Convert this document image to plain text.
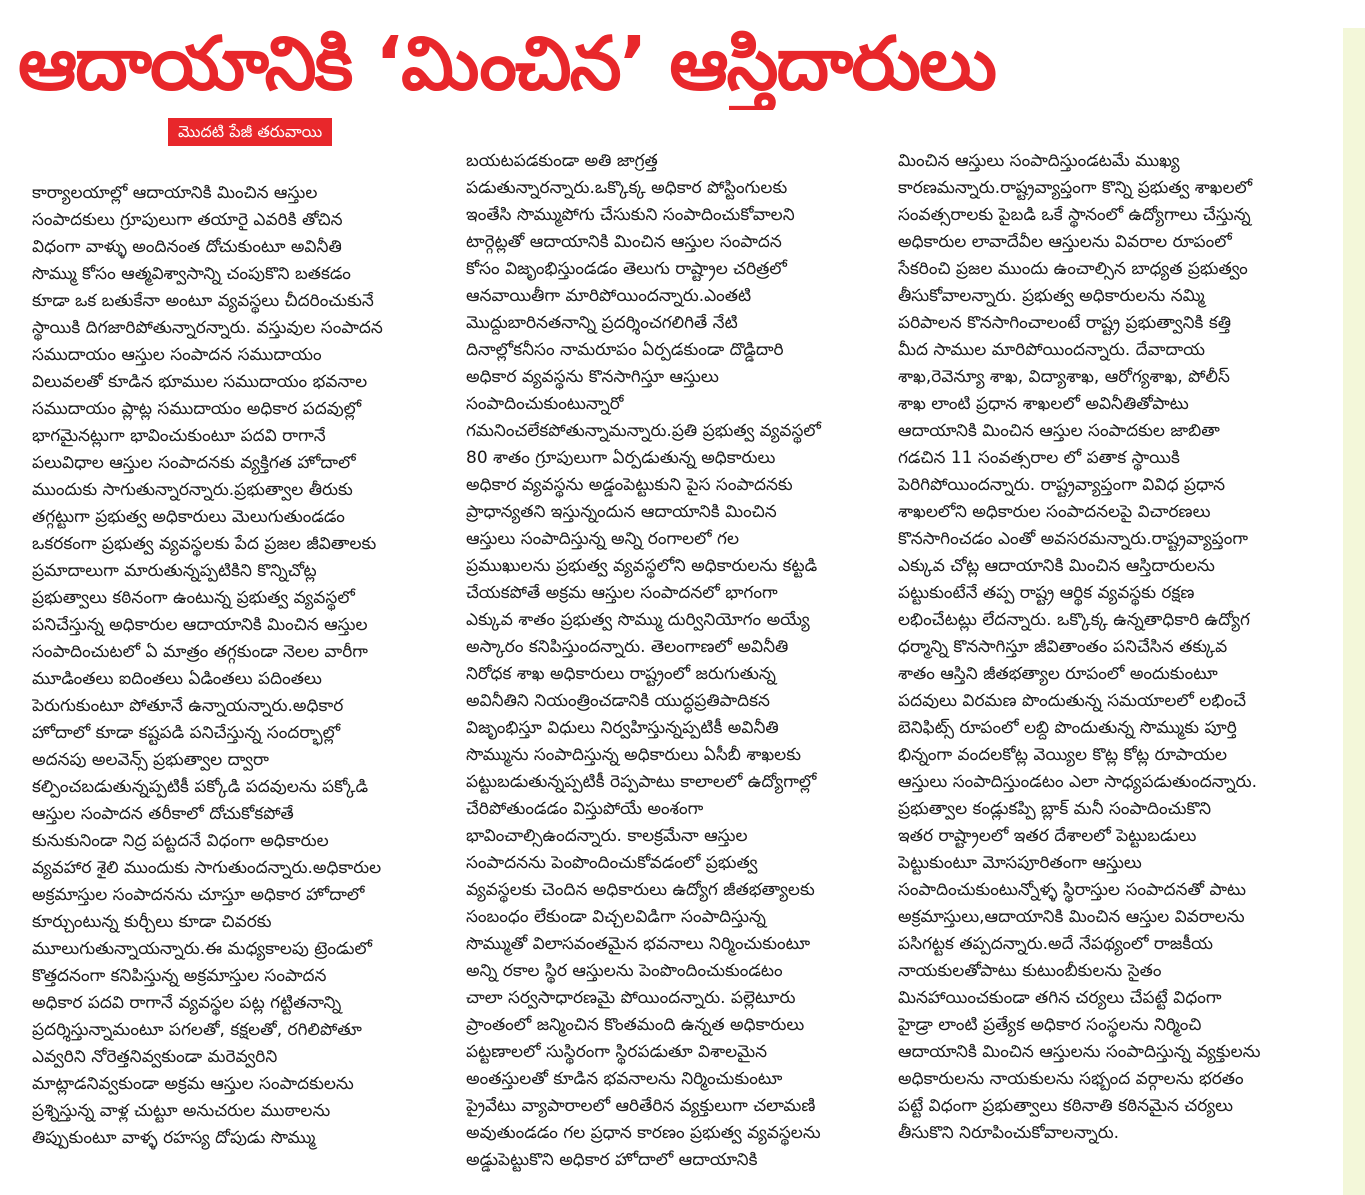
ఆదాయానికి ‘మించిన’ ఆస్తిదారులు
మొదటి పేజీ తరువాయి
కార్యాలయాల్లో ఆదాయానికి మించిన ఆస్తుల
సంపాదకులు గ్రూపులుగా తయారై ఎవరికి తోచిన
విధంగా వాళ్ళు అందినంత దోచుకుంటూ అవినీతి
సొమ్ము కోసం ఆత్మవిశ్వాసాన్ని చంపుకొని బతకడం
కూడా ఒక బతుకేనా అంటూ వ్యవస్థలు చీదరించుకునే
స్థాయికి దిగజారిపోతున్నారన్నారు. వస్తువుల సంపాదన
సముదాయం ఆస్తుల సంపాదన సముదాయం
విలువలతో కూడిన భూముల సముదాయం భవనాల
సముదాయం ప్లాట్ల సముదాయం అధికార పదవుల్లో
భాగమైనట్లుగా భావించుకుంటూ పదవి రాగానే
పలువిధాల ఆస్తుల సంపాదనకు వ్యక్తిగత హోదాలో
ముందుకు సాగుతున్నారన్నారు.ప్రభుత్వాల తీరుకు
తగ్గట్టుగా ప్రభుత్వ అధికారులు మెలుగుతుండడం
ఒకరకంగా ప్రభుత్వ వ్యవస్థలకు పేద ప్రజల జీవితాలకు
ప్రమాదాలుగా మారుతున్నప్పటికిని కొన్నిచోట్ల
ప్రభుత్వాలు కఠినంగా ఉంటున్న ప్రభుత్వ వ్యవస్థలో
పనిచేస్తున్న అధికారుల ఆదాయానికి మించిన ఆస్తుల
సంపాదించుటలో ఏ మాత్రం తగ్గకుండా నెలల వారీగా
మూడింతలు ఐదింతలు ఏడింతలు పదింతలు
పెరుగుకుంటూ పోతూనే ఉన్నాయన్నారు.అధికార
హోదాలో కూడా కష్టపడి పనిచేస్తున్న సందర్భాల్లో
అదనపు అలవెన్స్ ప్రభుత్వాల ద్వారా
కల్పించబడుతున్నప్పటికీ పక్కోడి పదవులను పక్కోడి
ఆస్తుల సంపాదన తరీకాలో దోచుకోకపోతే
కునుకునిండా నిద్ర పట్టదనే విధంగా అధికారుల
వ్యవహార శైలి ముందుకు సాగుతుందన్నారు.అధికారుల
అక్రమాస్తుల సంపాదనను చూస్తూ అధికార హోదాలో
కూర్చుంటున్న కుర్చీలు కూడా చివరకు
మూలుగుతున్నాయన్నారు.ఈ మధ్యకాలపు ట్రెండులో
కొత్తదనంగా కనిపిస్తున్న అక్రమాస్తుల సంపాదన
అధికార పదవి రాగానే వ్యవస్థల పట్ల గట్టితనాన్ని
ప్రదర్శిస్తున్నామంటూ పగలతో, కక్షలతో, రగిలిపోతూ
ఎవ్వరిని నోరెత్తనివ్వకుండా మరెవ్వరిని
మాట్లాడనివ్వకుండా అక్రమ ఆస్తుల సంపాదకులను
ప్రశ్నిస్తున్న వాళ్ల చుట్టూ అనుచరుల ముఠాలను
తిప్పుకుంటూ వాళ్ళ రహస్య దోపుడు సొమ్ము
బయటపడకుండా అతి జాగ్రత్త
పడుతున్నారన్నారు.ఒక్కొక్క అధికార పోస్టింగులకు
ఇంతేసి సొమ్ముపోగు చేసుకుని సంపాదించుకోవాలని
టార్గెట్లతో ఆదాయానికి మించిన ఆస్తుల సంపాదన
కోసం విజృంభిస్తుండడం తెలుగు రాష్ట్రాల చరిత్రలో
ఆనవాయితీగా మారిపోయిందన్నారు.ఎంతటి
మొద్దుబారినతనాన్ని ప్రదర్శించగలిగితే నేటి
దినాల్లోకనీసం నామరూపం ఏర్పడకుండా దొడ్డిదారి
అధికార వ్యవస్థను కొనసాగిస్తూ ఆస్తులు
సంపాదించుకుంటున్నారో
గమనించలేకపోతున్నామన్నారు.ప్రతి ప్రభుత్వ వ్యవస్థలో
80 శాతం గ్రూపులుగా ఏర్పడుతున్న అధికారులు
అధికార వ్యవస్థను అడ్డంపెట్టుకుని పైస సంపాదనకు
ప్రాధాన్యతని ఇస్తున్నందున ఆదాయానికి మించిన
ఆస్తులు సంపాదిస్తున్న అన్ని రంగాలలో గల
ప్రముఖులను ప్రభుత్వ వ్యవస్థలోని అధికారులను కట్టడి
చేయకపోతే అక్రమ ఆస్తుల సంపాదనలో భాగంగా
ఎక్కువ శాతం ప్రభుత్వ సొమ్ము దుర్వినియోగం అయ్యే
అస్కారం కనిపిస్తుందన్నారు. తెలంగాణలో అవినీతి
నిరోధక శాఖ అధికారులు రాష్ట్రంలో జరుగుతున్న
అవినీతిని నియంత్రించడానికి యుద్ధప్రతిపాదికన
విజృంభిస్తూ విధులు నిర్వహిస్తున్నప్పటికీ అవినీతి
సొమ్మును సంపాదిస్తున్న అధికారులు ఏసీబీ శాఖలకు
పట్టుబడుతున్నప్పటికీ రెప్పపాటు కాలాలలో ఉద్యోగాల్లో
చేరిపోతుండడం విస్తుపోయే అంశంగా
భావించాల్సిఉందన్నారు. కాలక్రమేనా ఆస్తుల
సంపాదనను పెంపొందించుకోవడంలో ప్రభుత్వ
వ్యవస్థలకు చెందిన అధికారులు ఉద్యోగ జీతభత్యాలకు
సంబంధం లేకుండా విచ్చలవిడిగా సంపాదిస్తున్న
సొమ్ముతో విలాసవంతమైన భవనాలు నిర్మించుకుంటూ
అన్ని రకాల స్థిర ఆస్తులను పెంపొందించుకుండటం
చాలా సర్వసాధారణమై పోయిందన్నారు. పల్లెటూరు
ప్రాంతంలో జన్మించిన కొంతమంది ఉన్నత అధికారులు
పట్టణాలలో సుస్థిరంగా స్థిరపడుతూ విశాలమైన
అంతస్తులతో కూడిన భవనాలను నిర్మించుకుంటూ
ప్రైవేటు వ్యాపారాలలో ఆరితేరిన వ్యక్తులుగా చలామణి
అవుతుండడం గల ప్రధాన కారణం ప్రభుత్వ వ్యవస్థలను
అడ్డుపెట్టుకొని అధికార హోదాలో ఆదాయానికి
మించిన ఆస్తులు సంపాదిస్తుండటమే ముఖ్య
కారణమన్నారు.రాష్ట్రవ్యాప్తంగా కొన్ని ప్రభుత్వ శాఖలలో
సంవత్సరాలకు పైబడి ఒకే స్థానంలో ఉద్యోగాలు చేస్తున్న
అధికారుల లావాదేవీల ఆస్తులను వివరాల రూపంలో
సేకరించి ప్రజల ముందు ఉంచాల్సిన బాధ్యత ప్రభుత్వం
తీసుకోవాలన్నారు. ప్రభుత్వ అధికారులను నమ్మి
పరిపాలన కొనసాగించాలంటే రాష్ట్ర ప్రభుత్వానికి కత్తి
మీద సాముల మారిపోయిందన్నారు. దేవాదాయ
శాఖ,రెవెన్యూ శాఖ, విద్యాశాఖ, ఆరోగ్యశాఖ, పోలీస్
శాఖ లాంటి ప్రధాన శాఖలలో అవినీతితోపాటు
ఆదాయానికి మించిన ఆస్తుల సంపాదకుల జాబితా
గడచిన 11 సంవత్సరాల లో పతాక స్థాయికి
పెరిగిపోయిందన్నారు. రాష్ట్రవ్యాప్తంగా వివిధ ప్రధాన
శాఖలలోని అధికారుల సంపాదనలపై విచారణలు
కొనసాగించడం ఎంతో అవసరమన్నారు.రాష్ట్రవ్యాప్తంగా
ఎక్కువ చోట్ల ఆదాయానికి మించిన ఆస్తిదారులను
పట్టుకుంటేనే తప్ప రాష్ట్ర ఆర్థిక వ్యవస్థకు రక్షణ
లభించేటట్లు లేదన్నారు. ఒక్కొక్క ఉన్నతాధికారి ఉద్యోగ
ధర్మాన్ని కొనసాగిస్తూ జీవితాంతం పనిచేసిన తక్కువ
శాతం ఆస్తిని జీతభత్యాల రూపంలో అందుకుంటూ
పదవులు విరమణ పొందుతున్న సమయాలలో లభించే
బెనిఫిట్స్ రూపంలో లబ్ది పొందుతున్న సొమ్ముకు పూర్తి
భిన్నంగా వందలకోట్ల వెయ్యిల కొట్ల కోట్ల రూపాయల
ఆస్తులు సంపాదిస్తుండటం ఎలా సాధ్యపడుతుందన్నారు.
ప్రభుత్వాల కండ్లుకప్పి బ్లాక్ మనీ సంపాదించుకొని
ఇతర రాష్ట్రాలలో ఇతర దేశాలలో పెట్టుబడులు
పెట్టుకుంటూ మోసపూరితంగా ఆస్తులు
సంపాదించుకుంటున్నోళ్ళ స్థిరాస్తుల సంపాదనతో పాటు
అక్రమాస్తులు,ఆదాయానికి మించిన ఆస్తుల వివరాలను
పసిగట్టక తప్పదన్నారు.అదే నేపథ్యంలో రాజకీయ
నాయకులతోపాటు కుటుంబీకులను సైతం
మినహాయించకుండా తగిన చర్యలు చేపట్టే విధంగా
హైడ్రా లాంటి ప్రత్యేక అధికార సంస్థలను నిర్మించి
ఆదాయానికి మించిన ఆస్తులను సంపాదిస్తున్న వ్యక్తులను
అధికారులను నాయకులను సభ్బంద వర్గాలను భరతం
పట్టే విధంగా ప్రభుత్వాలు కఠినాతి కఠినమైన చర్యలు
తీసుకొని నిరూపించుకోవాలన్నారు.
